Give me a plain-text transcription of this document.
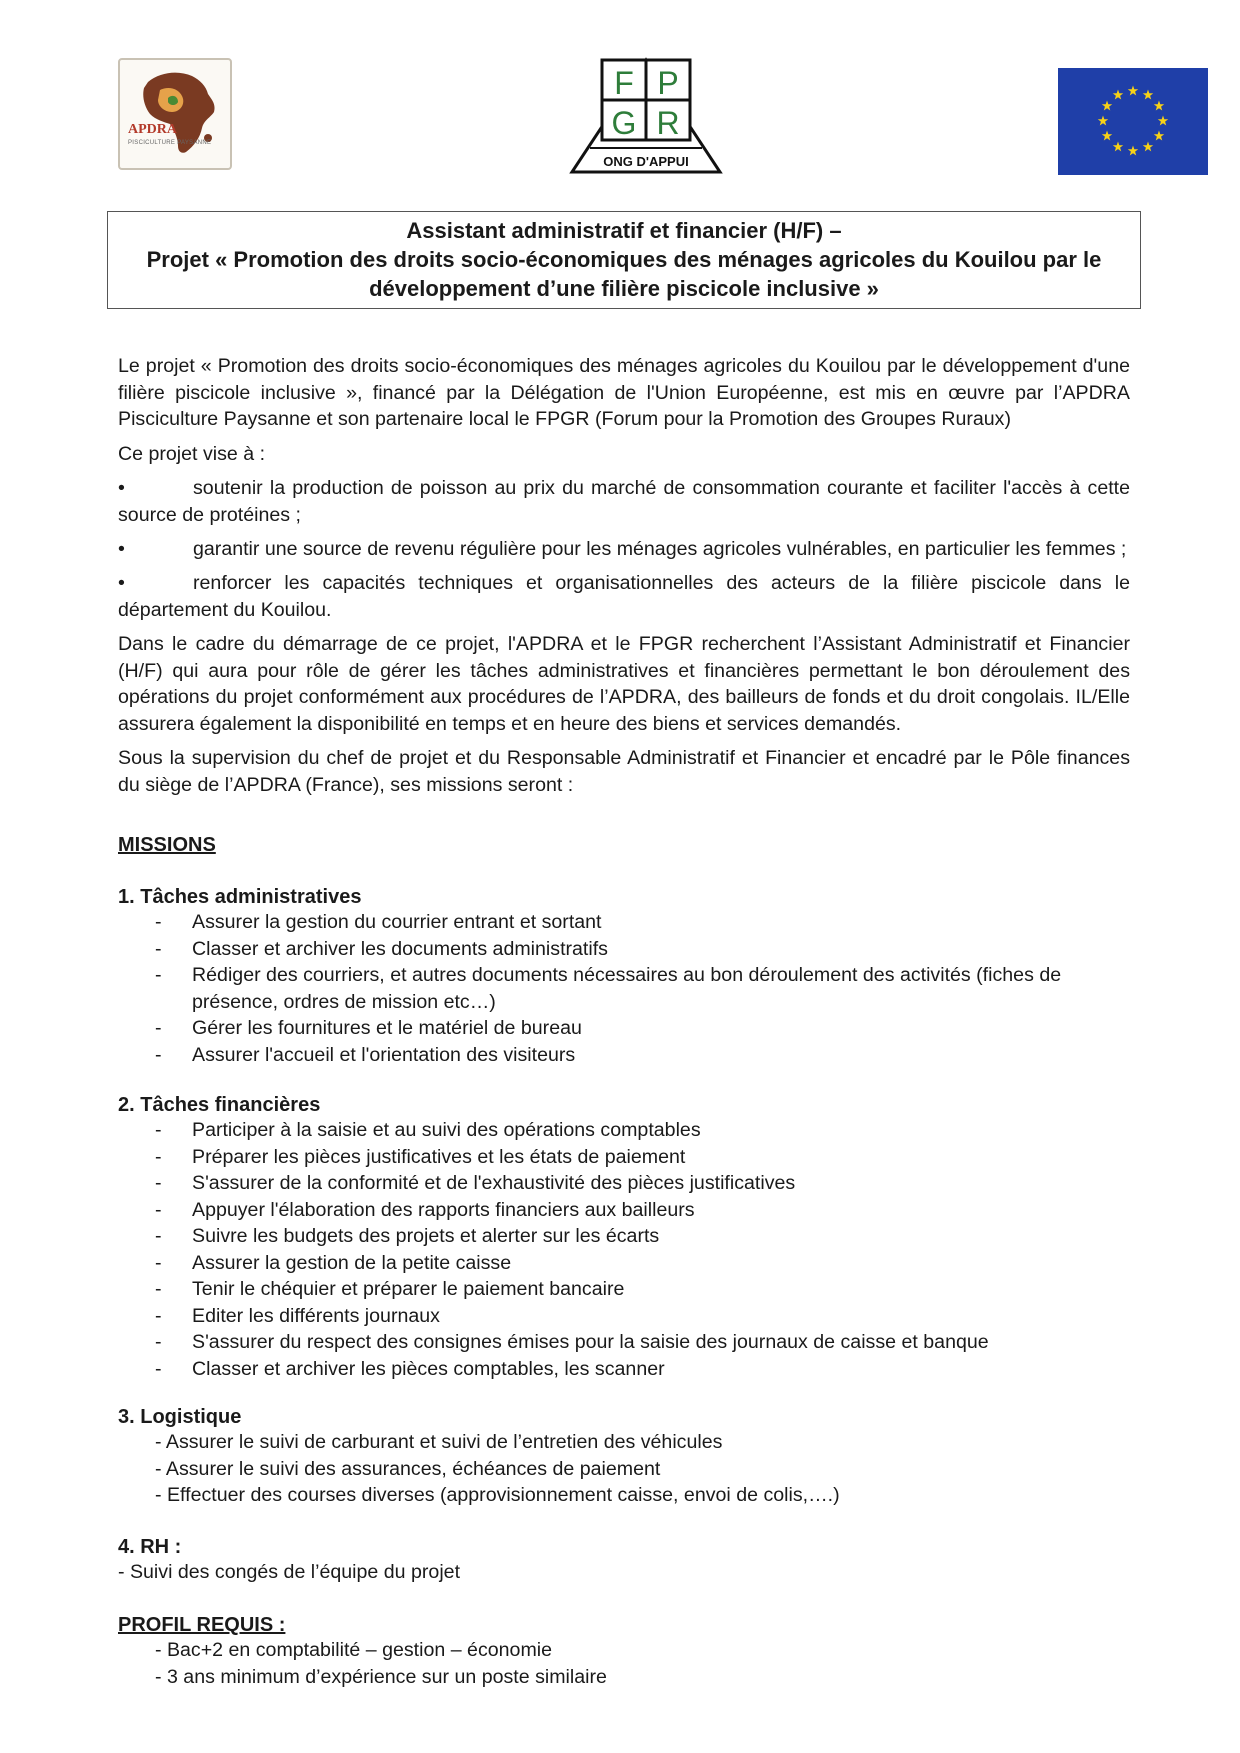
APDRA
PISCICULTURE PAYSANNE
F P
G R
ONG D'APPUI
Assistant administratif et financier (H/F) –
Projet « Promotion des droits socio-économiques des ménages agricoles du Kouilou par le
développement d’une filière piscicole inclusive »
Le projet « Promotion des droits socio-économiques des ménages agricoles du Kouilou par le développement d'une filière piscicole inclusive », financé par la Délégation de l'Union Européenne, est mis en œuvre par l’APDRA Pisciculture Paysanne et son partenaire local le FPGR (Forum pour la Promotion des Groupes Ruraux)
Ce projet vise à :
•	soutenir la production de poisson au prix du marché de consommation courante et faciliter l'accès à cette source de protéines ;
•	garantir une source de revenu régulière pour les ménages agricoles vulnérables, en particulier les femmes ;
•	renforcer les capacités techniques et organisationnelles des acteurs de la filière piscicole dans le département du Kouilou.
Dans le cadre du démarrage de ce projet, l'APDRA et le FPGR recherchent l’Assistant Administratif et Financier (H/F) qui aura pour rôle de gérer les tâches administratives et financières permettant le bon déroulement des opérations du projet conformément aux procédures de l’APDRA, des bailleurs de fonds et du droit congolais. IL/Elle assurera également la disponibilité en temps et en heure des biens et services demandés.
Sous la supervision du chef de projet et du Responsable Administratif et Financier et encadré par le Pôle finances du siège de l’APDRA (France), ses missions seront :
MISSIONS
1. Tâches administratives
- Assurer la gestion du courrier entrant et sortant
- Classer et archiver les documents administratifs
- Rédiger des courriers, et autres documents nécessaires au bon déroulement des activités (fiches de présence, ordres de mission etc…)
- Gérer les fournitures et le matériel de bureau
- Assurer l'accueil et l'orientation des visiteurs
2. Tâches financières
- Participer à la saisie et au suivi des opérations comptables
- Préparer les pièces justificatives et les états de paiement
- S'assurer de la conformité et de l'exhaustivité des pièces justificatives
- Appuyer l'élaboration des rapports financiers aux bailleurs
- Suivre les budgets des projets et alerter sur les écarts
- Assurer la gestion de la petite caisse
- Tenir le chéquier et préparer le paiement bancaire
- Editer les différents journaux
- S'assurer du respect des consignes émises pour la saisie des journaux de caisse et banque
- Classer et archiver les pièces comptables, les scanner
3. Logistique
- Assurer le suivi de carburant et suivi de l’entretien des véhicules
- Assurer le suivi des assurances, échéances de paiement
- Effectuer des courses diverses (approvisionnement caisse, envoi de colis,….)
4. RH :
- Suivi des congés de l’équipe du projet
PROFIL REQUIS :
- Bac+2 en comptabilité – gestion – économie
- 3 ans minimum d’expérience sur un poste similaire
